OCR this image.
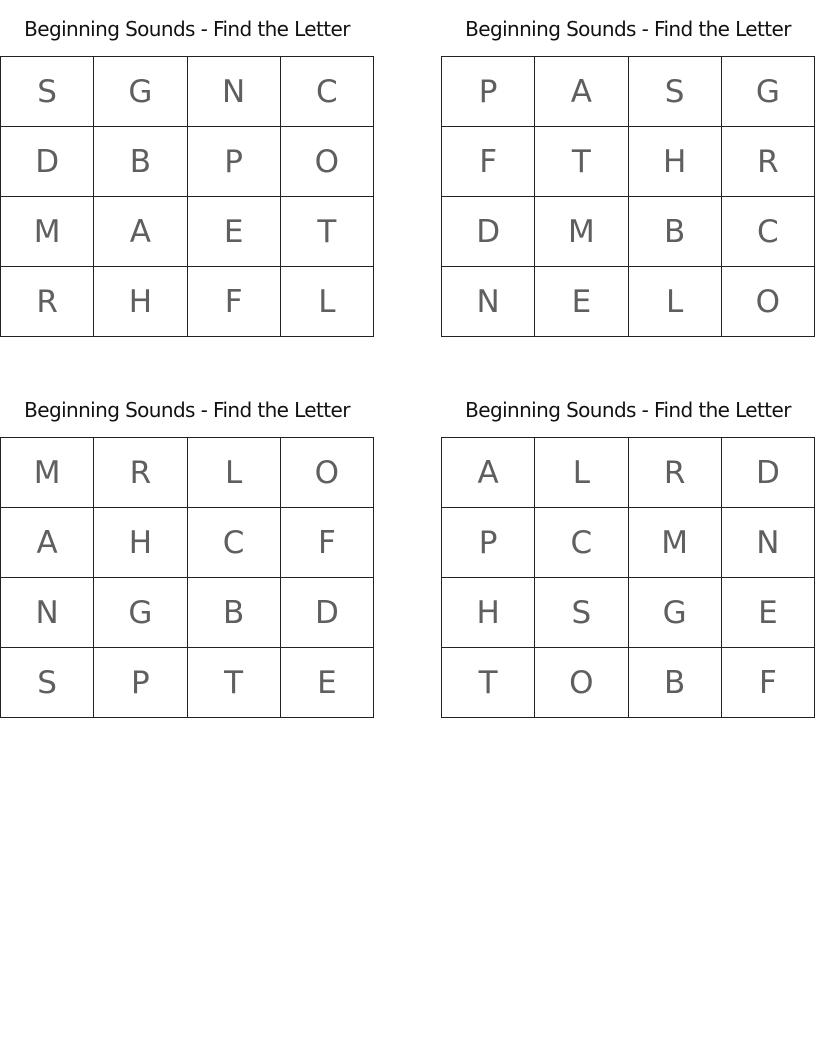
Beginning Sounds - Find the Letter
S	G	N	C
D	B	P	O
M	A	E	T
R	H	F	L
Beginning Sounds - Find the Letter
P	A	S	G
F	T	H	R
D	M	B	C
N	E	L	O
Beginning Sounds - Find the Letter
M	R	L	O
A	H	C	F
N	G	B	D
S	P	T	E
Beginning Sounds - Find the Letter
A	L	R	D
P	C	M	N
H	S	G	E
T	O	B	F
